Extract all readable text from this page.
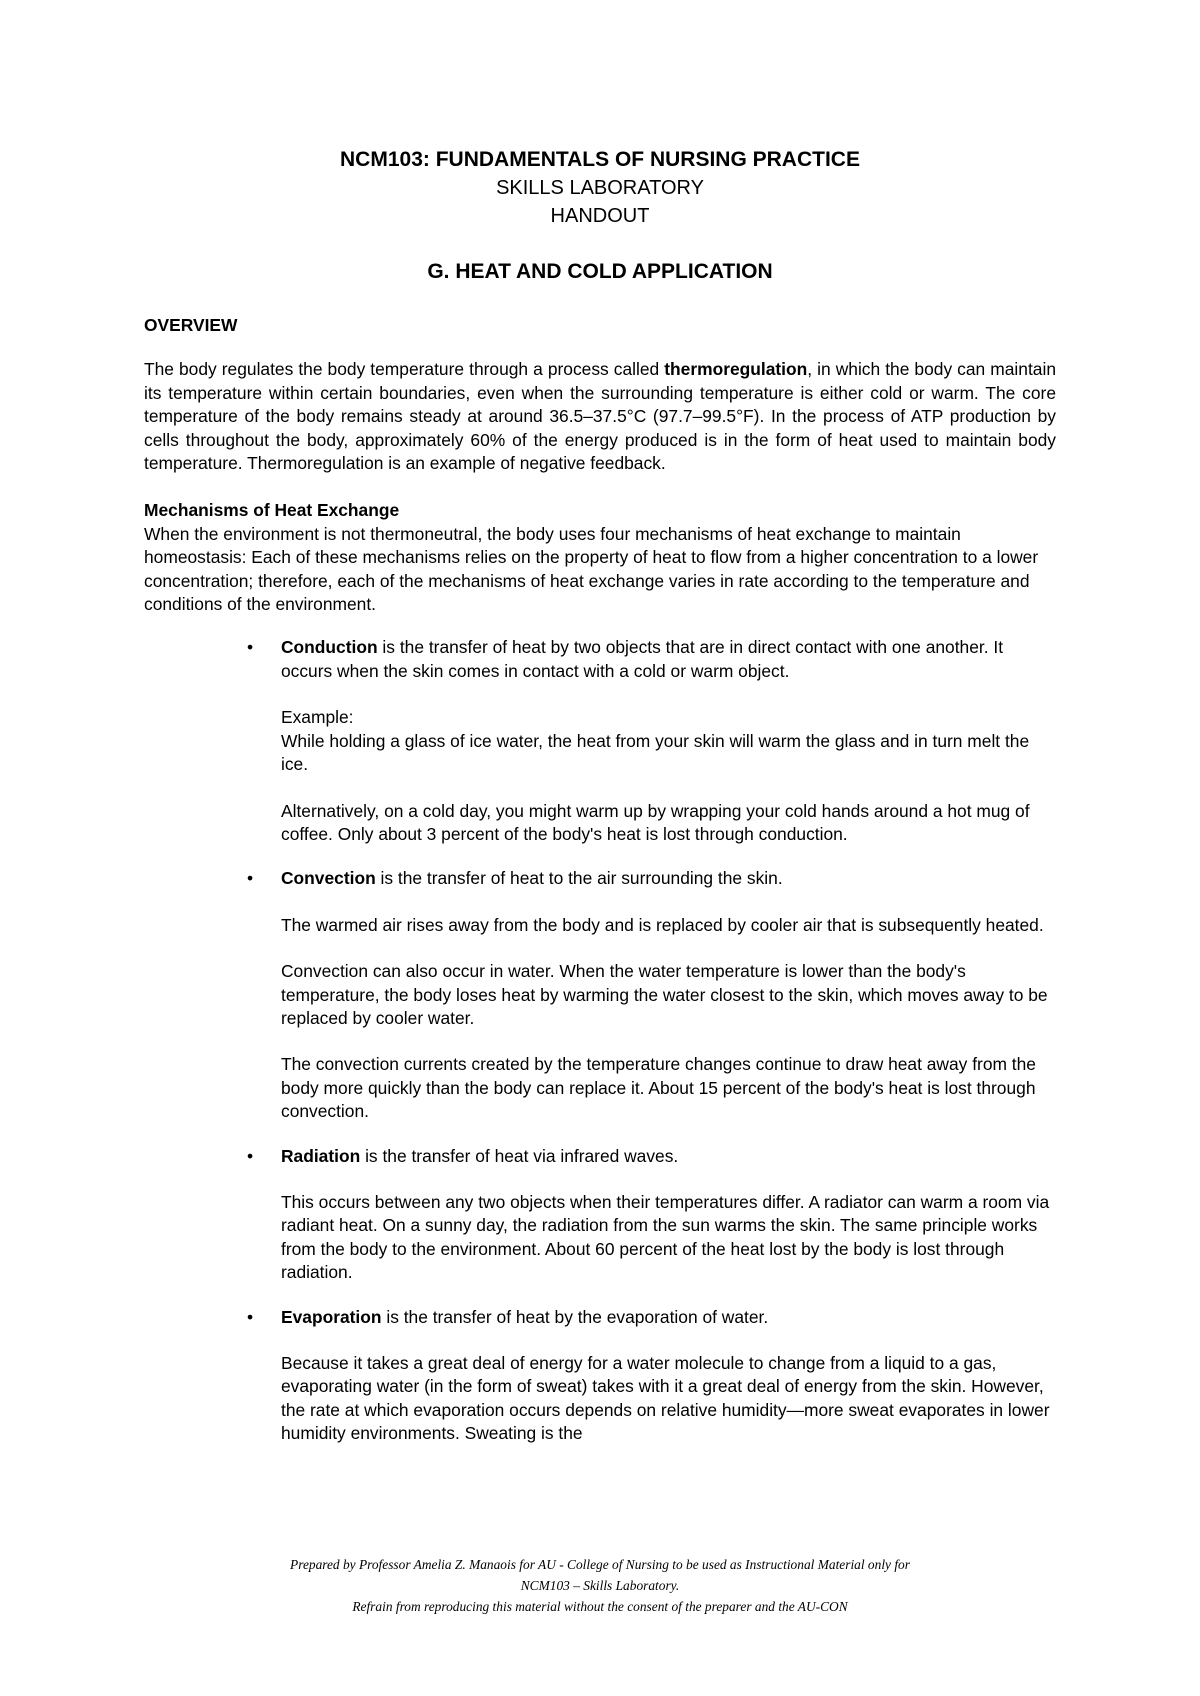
NCM103: FUNDAMENTALS OF NURSING PRACTICE
SKILLS LABORATORY
HANDOUT
G. HEAT AND COLD APPLICATION
OVERVIEW

The body regulates the body temperature through a process called thermoregulation, in which the body can maintain its temperature within certain boundaries, even when the surrounding temperature is either cold or warm. The core temperature of the body remains steady at around 36.5–37.5°C (97.7–99.5°F). In the process of ATP production by cells throughout the body, approximately 60% of the energy produced is in the form of heat used to maintain body temperature. Thermoregulation is an example of negative feedback.

Mechanisms of Heat Exchange

When the environment is not thermoneutral, the body uses four mechanisms of heat exchange to maintain homeostasis: Each of these mechanisms relies on the property of heat to flow from a higher concentration to a lower concentration; therefore, each of the mechanisms of heat exchange varies in rate according to the temperature and conditions of the environment.

• Conduction is the transfer of heat by two objects that are in direct contact with one another. It occurs when the skin comes in contact with a cold or warm object.

Example:
While holding a glass of ice water, the heat from your skin will warm the glass and in turn melt the ice.

Alternatively, on a cold day, you might warm up by wrapping your cold hands around a hot mug of coffee. Only about 3 percent of the body's heat is lost through conduction.

• Convection is the transfer of heat to the air surrounding the skin.

The warmed air rises away from the body and is replaced by cooler air that is subsequently heated.

Convection can also occur in water. When the water temperature is lower than the body's temperature, the body loses heat by warming the water closest to the skin, which moves away to be replaced by cooler water.

The convection currents created by the temperature changes continue to draw heat away from the body more quickly than the body can replace it. About 15 percent of the body's heat is lost through convection.

• Radiation is the transfer of heat via infrared waves.

This occurs between any two objects when their temperatures differ. A radiator can warm a room via radiant heat. On a sunny day, the radiation from the sun warms the skin. The same principle works from the body to the environment. About 60 percent of the heat lost by the body is lost through radiation.

• Evaporation is the transfer of heat by the evaporation of water.

Because it takes a great deal of energy for a water molecule to change from a liquid to a gas, evaporating water (in the form of sweat) takes with it a great deal of energy from the skin. However, the rate at which evaporation occurs depends on relative humidity—more sweat evaporates in lower humidity environments. Sweating is the

Prepared by Professor Amelia Z. Manaois for AU - College of Nursing to be used as Instructional Material only for
NCM103 – Skills Laboratory.
Refrain from reproducing this material without the consent of the preparer and the AU-CON
